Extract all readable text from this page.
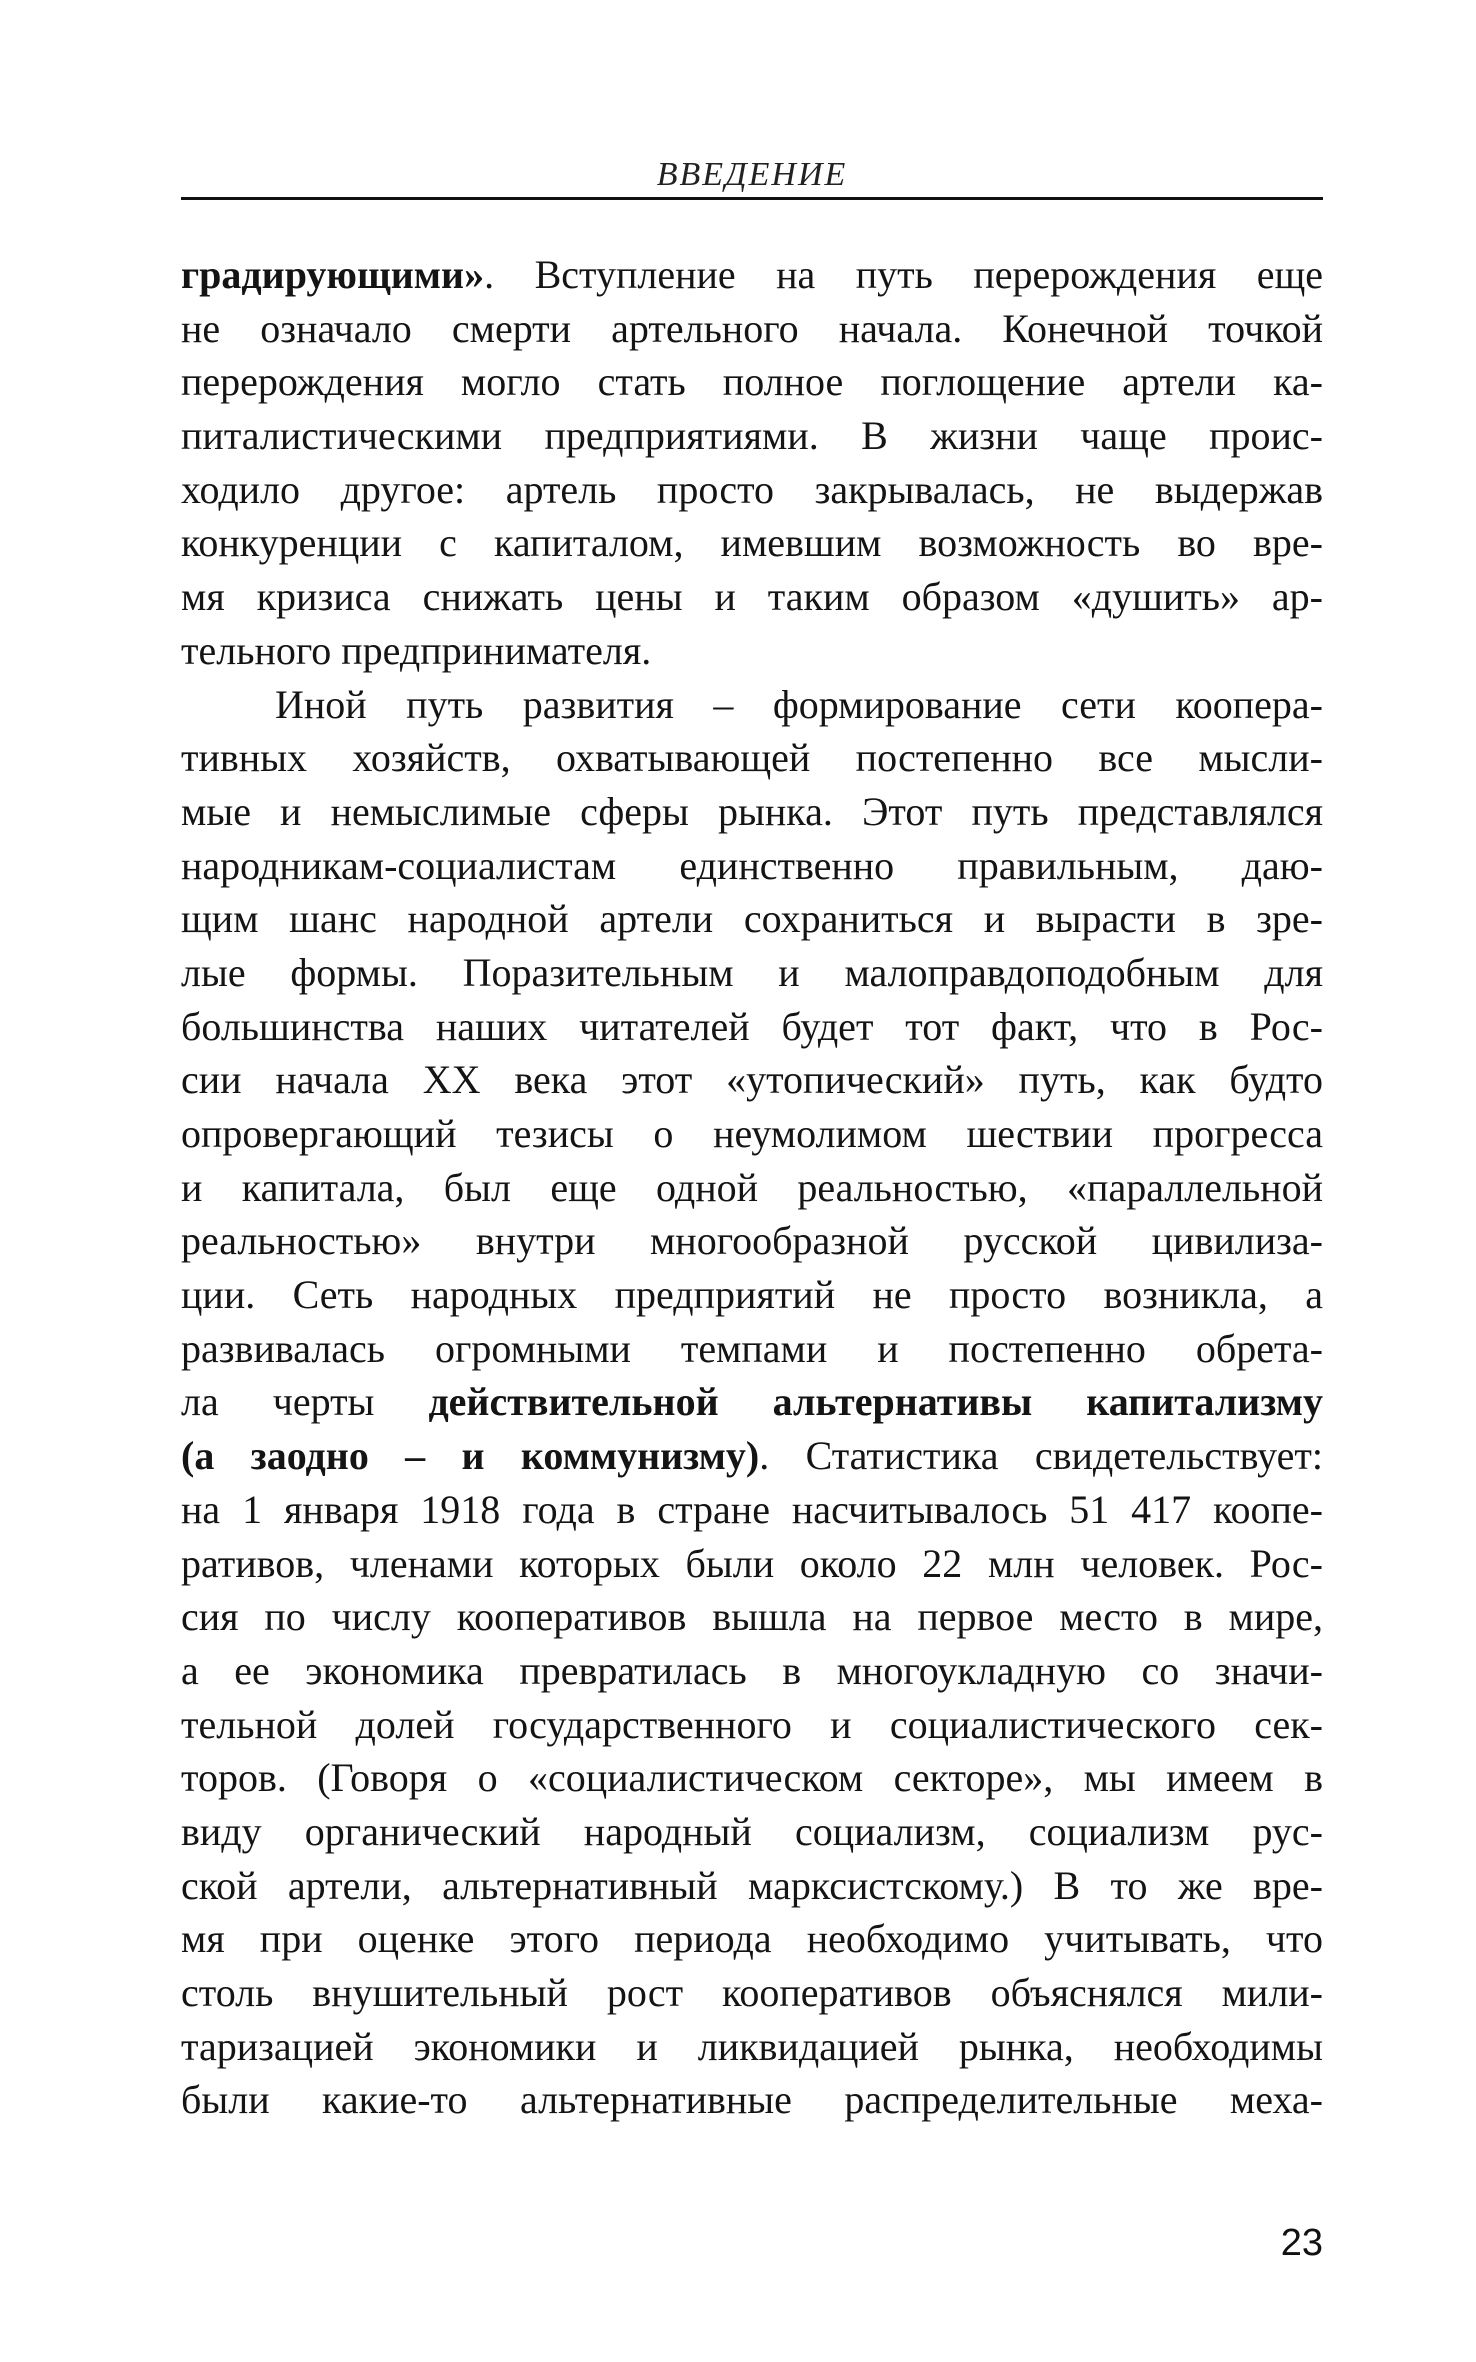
ВВЕДЕНИЕ
градирующими». Вступление на путь перерождения еще
не означало смерти артельного начала. Конечной точкой
перерождения могло стать полное поглощение артели ка-
питалистическими предприятиями. В жизни чаще проис-
ходило другое: артель просто закрывалась, не выдержав
конкуренции с капиталом, имевшим возможность во вре-
мя кризиса снижать цены и таким образом «душить» ар-
тельного предпринимателя.
Иной путь развития – формирование сети коопера-
тивных хозяйств, охватывающей постепенно все мысли-
мые и немыслимые сферы рынка. Этот путь представлялся
народникам-социалистам единственно правильным, даю-
щим шанс народной артели сохраниться и вырасти в зре-
лые формы. Поразительным и малоправдоподобным для
большинства наших читателей будет тот факт, что в Рос-
сии начала XX века этот «утопический» путь, как будто
опровергающий тезисы о неумолимом шествии прогресса
и капитала, был еще одной реальностью, «параллельной
реальностью» внутри многообразной русской цивилиза-
ции. Сеть народных предприятий не просто возникла, а
развивалась огромными темпами и постепенно обрета-
ла черты действительной альтернативы капитализму
(а заодно – и коммунизму). Статистика свидетельствует:
на 1 января 1918 года в стране насчитывалось 51 417 коопе-
ративов, членами которых были около 22 млн человек. Рос-
сия по числу кооперативов вышла на первое место в мире,
а ее экономика превратилась в многоукладную со значи-
тельной долей государственного и социалистического сек-
торов. (Говоря о «социалистическом секторе», мы имеем в
виду органический народный социализм, социализм рус-
ской артели, альтернативный марксистскому.) В то же вре-
мя при оценке этого периода необходимо учитывать, что
столь внушительный рост кооперативов объяснялся мили-
таризацией экономики и ликвидацией рынка, необходимы
были какие-то альтернативные распределительные меха-
23
